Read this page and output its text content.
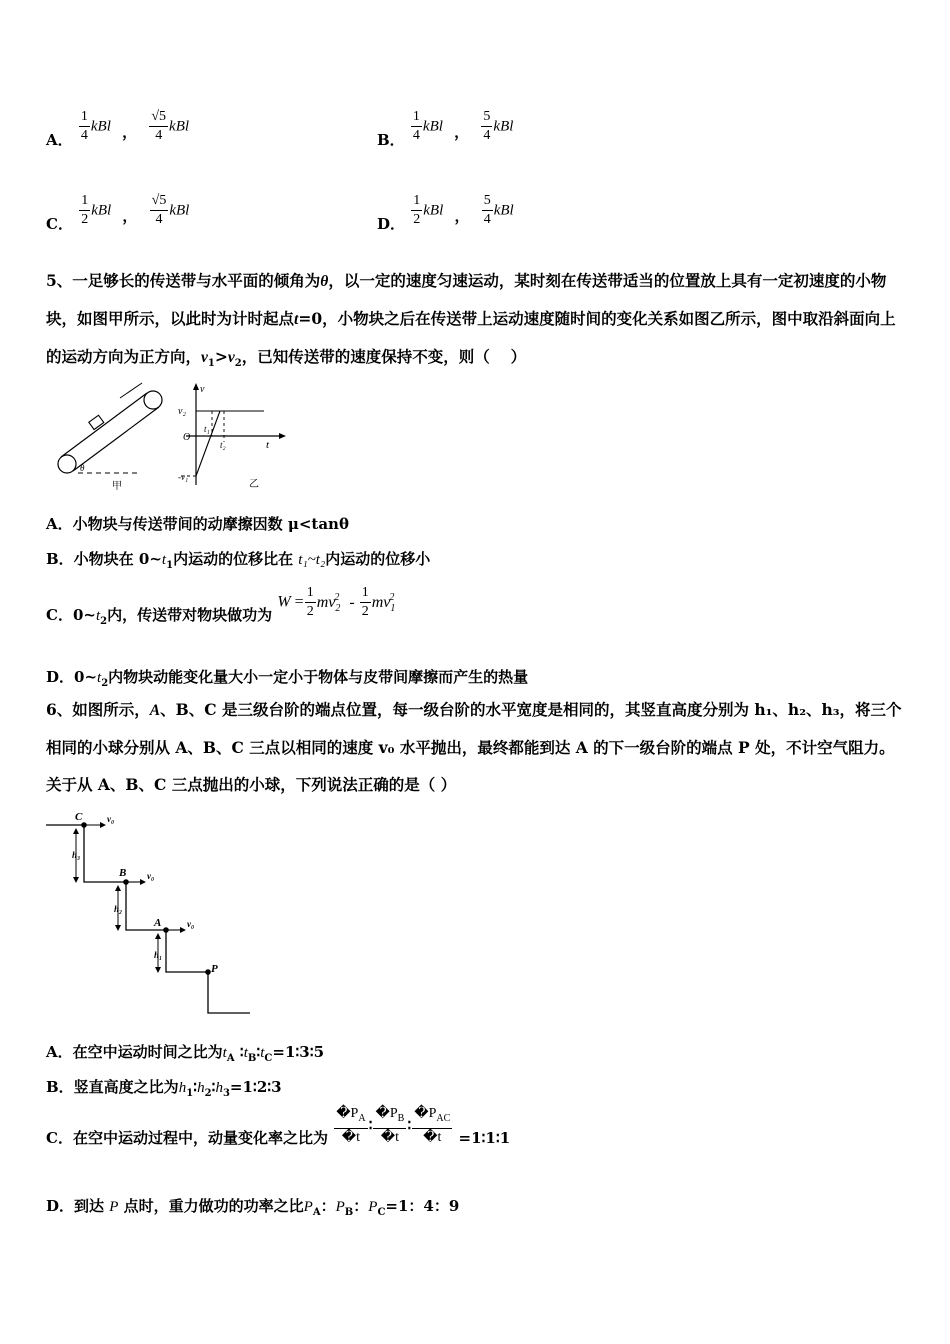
A． $\frac{1}{4}$ kBl ， $\frac{√5}{4}$ kBl
B． $\frac{1}{4}$ kBl ， $\frac{5}{4}$ kBl
C． $\frac{1}{2}$ kBl ， $\frac{√5}{4}$ kBl
D． $\frac{1}{2}$ kBl ， $\frac{5}{4}$ kBl
5、一足够长的传送带与水平面的倾角为θ，以一定的速度匀速运动，某时刻在传送带适当的位置放上具有一定初速度的小物块，如图甲所示，以此时为计时起点t=0，小物块之后在传送带上运动速度随时间的变化关系如图乙所示，图中取沿斜面向上的运动方向为正方向，$v_1>v_2$，已知传送带的速度保持不变，则（　 ）
θ
甲
v
v₂
O
t
t₁
t₂
-v₁
乙
A．小物块与传送带间的动摩擦因数 μ<tanθ
B．小物块在 $0\sim t_1$内运动的位移比在 t₁~t₂内运动的位移小
C．$0\sim t_2$内，传送带对物块做功为 $W = \frac{1}{2} mv_2^2 - \frac{1}{2} mv_1^2$
D．$0\sim t_2$内物块动能变化量大小一定小于物体与皮带间摩擦而产生的热量
6、如图所示，A、B、C 是三级台阶的端点位置，每一级台阶的水平宽度是相同的，其竖直高度分别为 h₁、h₂、h₃，将三个相同的小球分别从 A、B、C 三点以相同的速度 v₀ 水平抛出，最终都能到达 A 的下一级台阶的端点 P 处，不计空气阻力。关于从 A、B、C 三点抛出的小球，下列说法正确的是（ ）
C
B
A
P
v₀
v₀
v₀
h₃
h₂
h₁
A．在空中运动时间之比为$t_A$ $∶t_B∶t_C=1∶3∶5$
B．竖直高度之比为$h_1∶h_2∶h_3=1∶2∶3$
C．在空中运动过程中，动量变化率之比为 $\frac{�P_A}{�t}$ ∶ $\frac{�P_B}{�t}$ ∶ $\frac{�P_{AC}}{�t}$ =1∶1∶1
D．到达 P 点时，重力做功的功率之比$P_A$：$P_B$：$P_C=1$：4：9
